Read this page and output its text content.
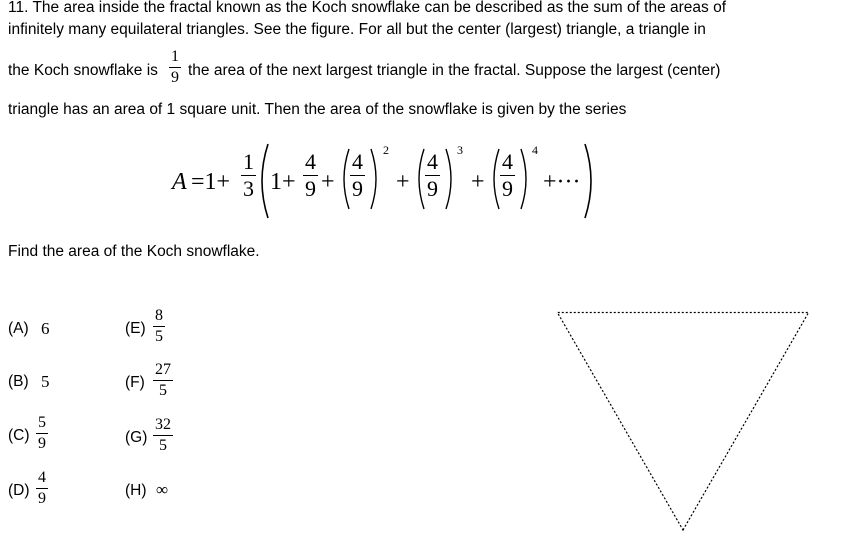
11. The area inside the fractal known as the Koch snowflake can be described as the sum of the areas of
infinitely many equilateral triangles. See the figure. For all but the center (largest) triangle, a triangle in
the Koch snowflake is
1
9 the area of the next largest triangle in the fractal. Suppose the largest (center)
triangle has an area of 1 square unit. Then the area of the snowflake is given by the series
Find the area of the Koch snowflake.
A =1+
1
3 1+
4
9 +
4
9
2
+
4
9
3
+
4
9
4
+···
(A) 6
(B) 5
(C)
5
9
(D)
4
9
(E)
8
5
(F)
27
5
(G)
32
5
(H) ∞
